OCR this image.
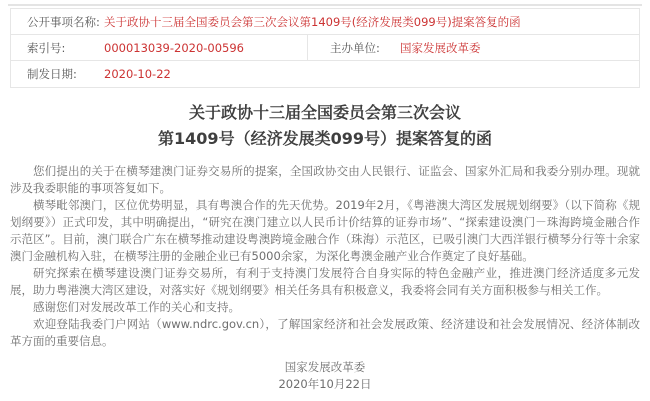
公开事项名称: 关于政协十三届全国委员会第三次会议第1409号(经济发展类099号)提案答复的函
索引号:	000013039-2020-00596	主办单位:	国家发展改革委
制发日期:	2020-10-22
关于政协十三届全国委员会第三次会议
第1409号（经济发展类099号）提案答复的函

您们提出的关于在横琴建澳门证券交易所的提案，全国政协交由人民银行、证监会、国家外汇局和我委分别办理。现就涉及我委职能的事项答复如下。

横琴毗邻澳门，区位优势明显，具有粤澳合作的先天优势。2019年2月，《粤港澳大湾区发展规划纲要》（以下简称《规划纲要》）正式印发，其中明确提出，“研究在澳门建立以人民币计价结算的证券市场”、“探索建设澳门－珠海跨境金融合作示范区”。目前，澳门联合广东在横琴推动建设粤澳跨境金融合作（珠海）示范区，已吸引澳门大西洋银行横琴分行等十余家澳门金融机构入驻，在横琴注册的金融企业已有5000余家，为深化粤澳金融产业合作奠定了良好基础。

研究探索在横琴建设澳门证券交易所，有利于支持澳门发展符合自身实际的特色金融产业，推进澳门经济适度多元发展，助力粤港澳大湾区建设，对落实好《规划纲要》相关任务具有积极意义，我委将会同有关方面积极参与相关工作。

感谢您们对发展改革工作的关心和支持。

欢迎登陆我委门户网站（www.ndrc.gov.cn），了解国家经济和社会发展政策、经济建设和社会发展情况、经济体制改革方面的重要信息。

国家发展改革委
2020年10月22日
